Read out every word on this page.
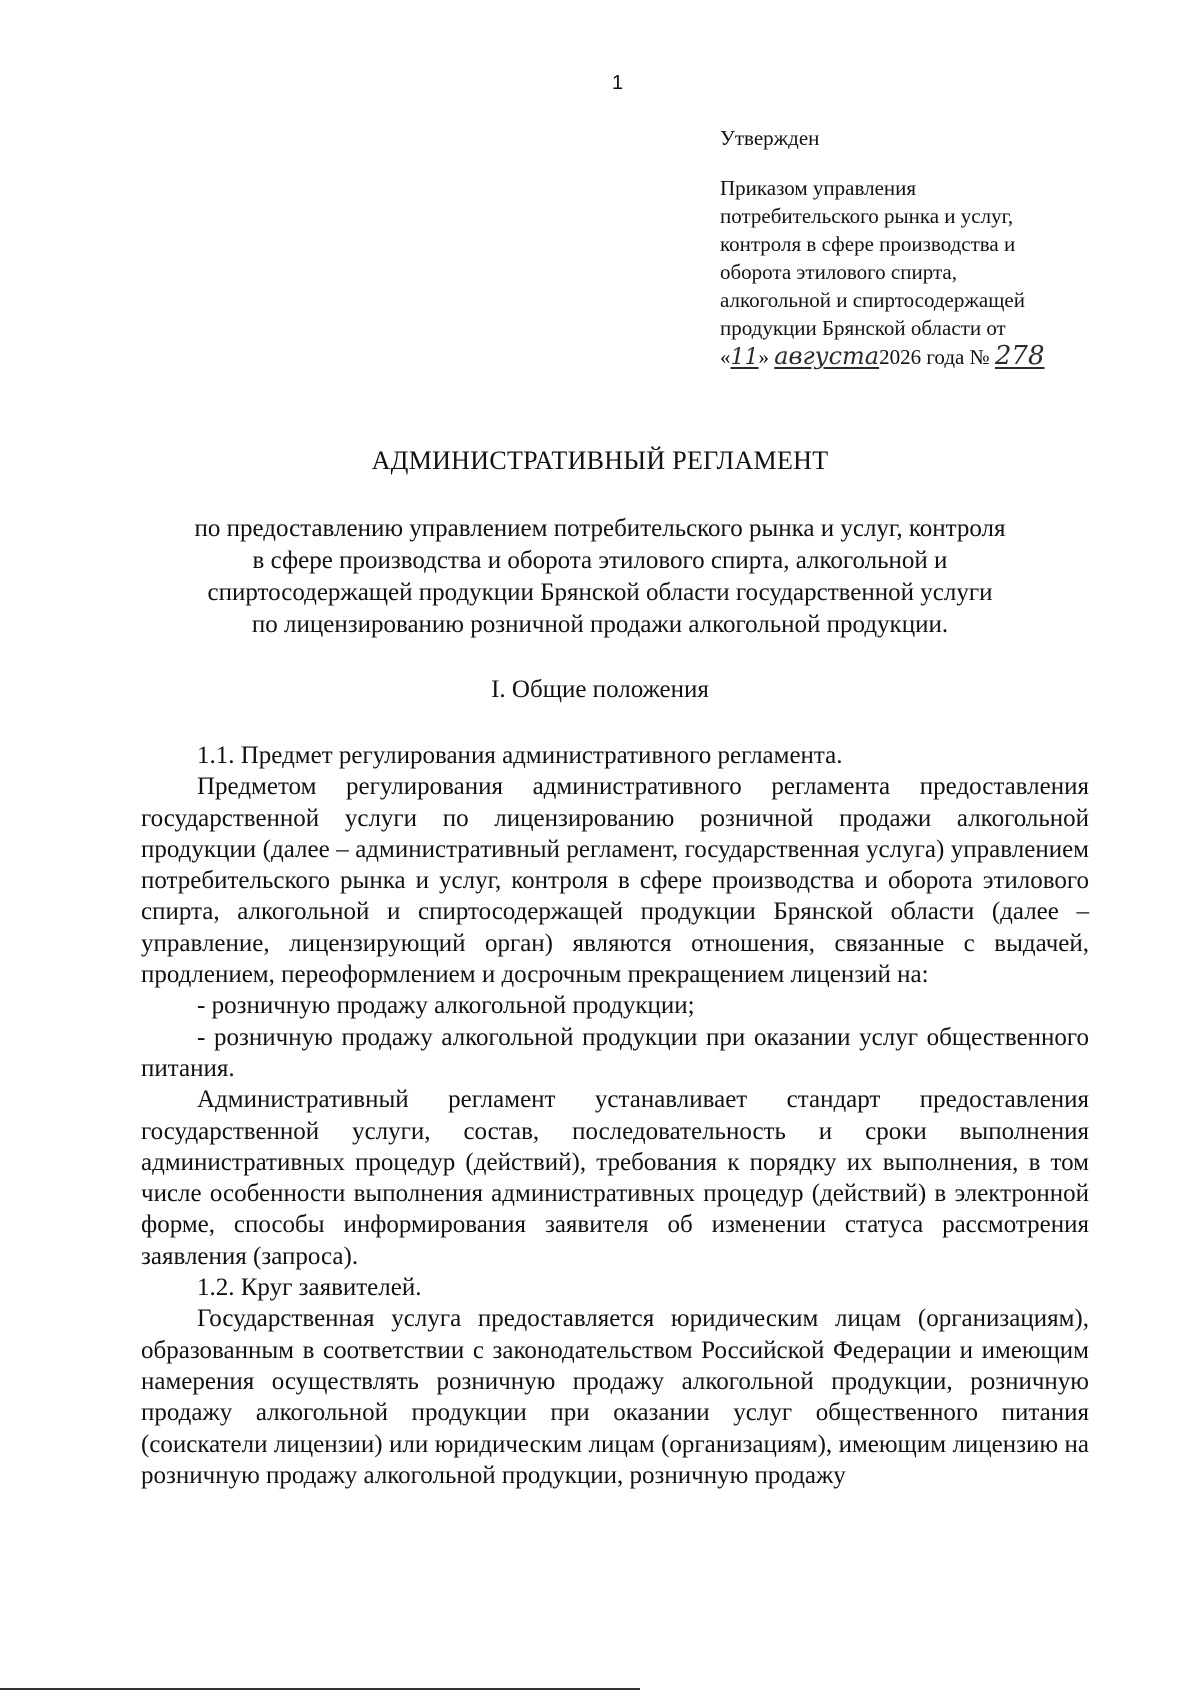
1
Утвержден
Приказом управления
потребительского рынка и услуг,
контроля в сфере производства и
оборота этилового спирта,
алкогольной и спиртосодержащей
продукции Брянской области от
«11» августа2026 года № 278
АДМИНИСТРАТИВНЫЙ РЕГЛАМЕНТ
по предоставлению управлением потребительского рынка и услуг, контроля
в сфере производства и оборота этилового спирта, алкогольной и
спиртосодержащей продукции Брянской области государственной услуги
по лицензированию розничной продажи алкогольной продукции.
I. Общие положения

1.1. Предмет регулирования административного регламента.

Предметом регулирования административного регламента предоставления государственной услуги по лицензированию розничной продажи алкогольной продукции (далее – административный регламент, государственная услуга) управлением потребительского рынка и услуг, контроля в сфере производства и оборота этилового спирта, алкогольной и спиртосодержащей продукции Брянской области (далее – управление, лицензирующий орган) являются отношения, связанные с выдачей, продлением, переоформлением и досрочным прекращением лицензий на:

- розничную продажу алкогольной продукции;

- розничную продажу алкогольной продукции при оказании услуг общественного питания.

Административный регламент устанавливает стандарт предоставления государственной услуги, состав, последовательность и сроки выполнения административных процедур (действий), требования к порядку их выполнения, в том числе особенности выполнения административных процедур (действий) в электронной форме, способы информирования заявителя об изменении статуса рассмотрения заявления (запроса).

1.2. Круг заявителей.

Государственная услуга предоставляется юридическим лицам (организациям), образованным в соответствии с законодательством Российской Федерации и имеющим намерения осуществлять розничную продажу алкогольной продукции, розничную продажу алкогольной продукции при оказании услуг общественного питания (соискатели лицензии) или юридическим лицам (организациям), имеющим лицензию на розничную продажу алкогольной продукции, розничную продажу
